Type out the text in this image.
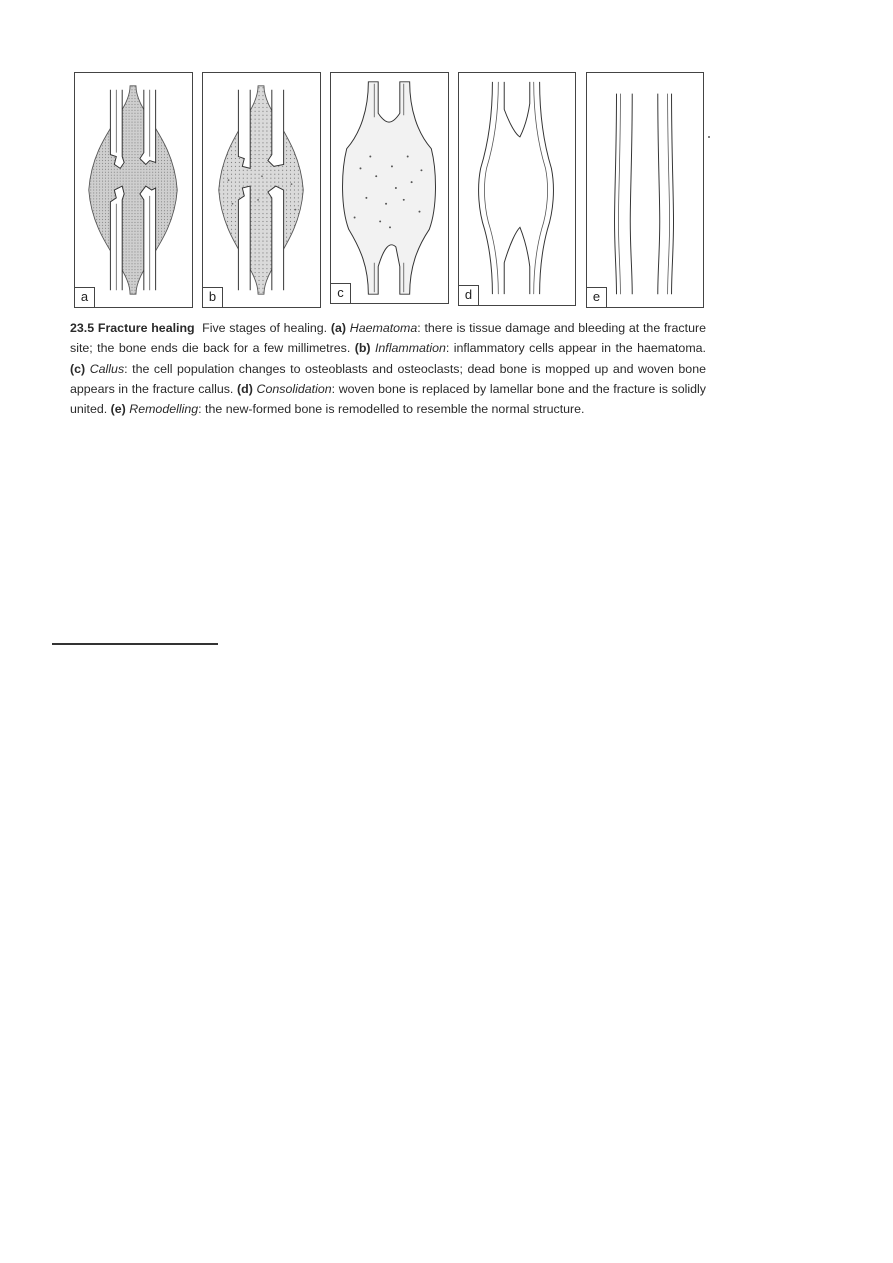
a	b	c	d	e

23.5 Fracture healing Five stages of healing. (a) Haematoma: there is tissue damage and bleeding at the fracture site; the bone ends die back for a few millimetres. (b) Inflammation: inflammatory cells appear in the haematoma. (c) Callus: the cell population changes to osteoblasts and osteoclasts; dead bone is mopped up and woven bone appears in the fracture callus. (d) Consolidation: woven bone is replaced by lamellar bone and the fracture is solidly united. (e) Remodelling: the new-formed bone is remodelled to resemble the normal structure.
